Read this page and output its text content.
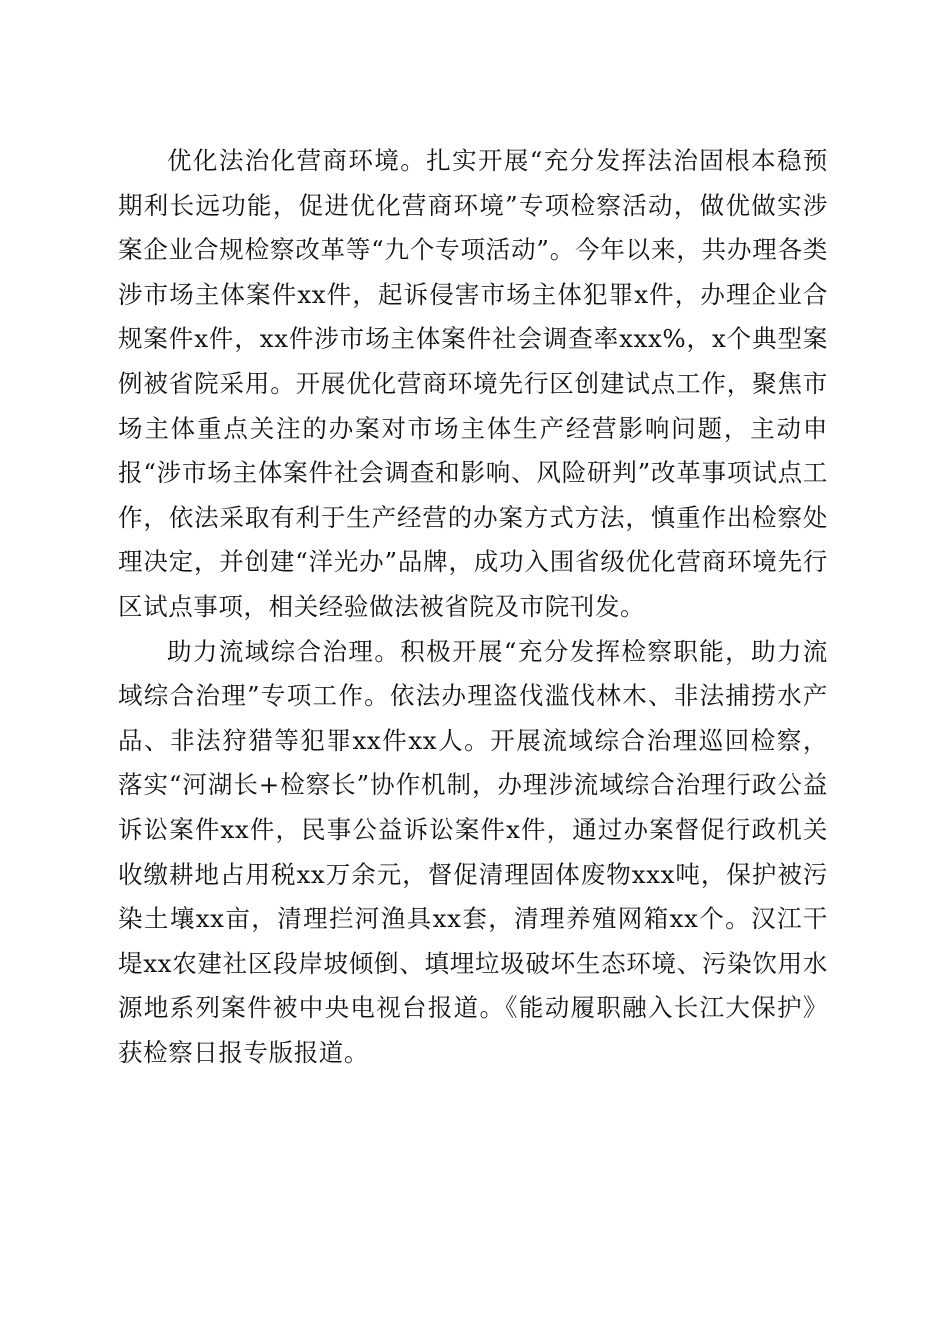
优化法治化营商环境。扎实开展“充分发挥法治固根本稳预期利长远功能，促进优化营商环境”专项检察活动，做优做实涉案企业合规检察改革等“九个专项活动”。今年以来，共办理各类涉市场主体案件xx件，起诉侵害市场主体犯罪x件，办理企业合规案件x件，xx件涉市场主体案件社会调查率xxx%，x个典型案例被省院采用。开展优化营商环境先行区创建试点工作，聚焦市场主体重点关注的办案对市场主体生产经营影响问题，主动申报“涉市场主体案件社会调查和影响、风险研判”改革事项试点工作，依法采取有利于生产经营的办案方式方法，慎重作出检察处理决定，并创建“洋光办”品牌，成功入围省级优化营商环境先行区试点事项，相关经验做法被省院及市院刊发。

助力流域综合治理。积极开展“充分发挥检察职能，助力流域综合治理”专项工作。依法办理盗伐滥伐林木、非法捕捞水产品、非法狩猎等犯罪xx件xx人。开展流域综合治理巡回检察，落实“河湖长+检察长”协作机制，办理涉流域综合治理行政公益诉讼案件xx件，民事公益诉讼案件x件，通过办案督促行政机关收缴耕地占用税xx万余元，督促清理固体废物xxx吨，保护被污染土壤xx亩，清理拦河渔具xx套，清理养殖网箱xx个。汉江干堤xx农建社区段岸坡倾倒、填埋垃圾破坏生态环境、污染饮用水源地系列案件被中央电视台报道。《能动履职融入长江大保护》获检察日报专版报道。
